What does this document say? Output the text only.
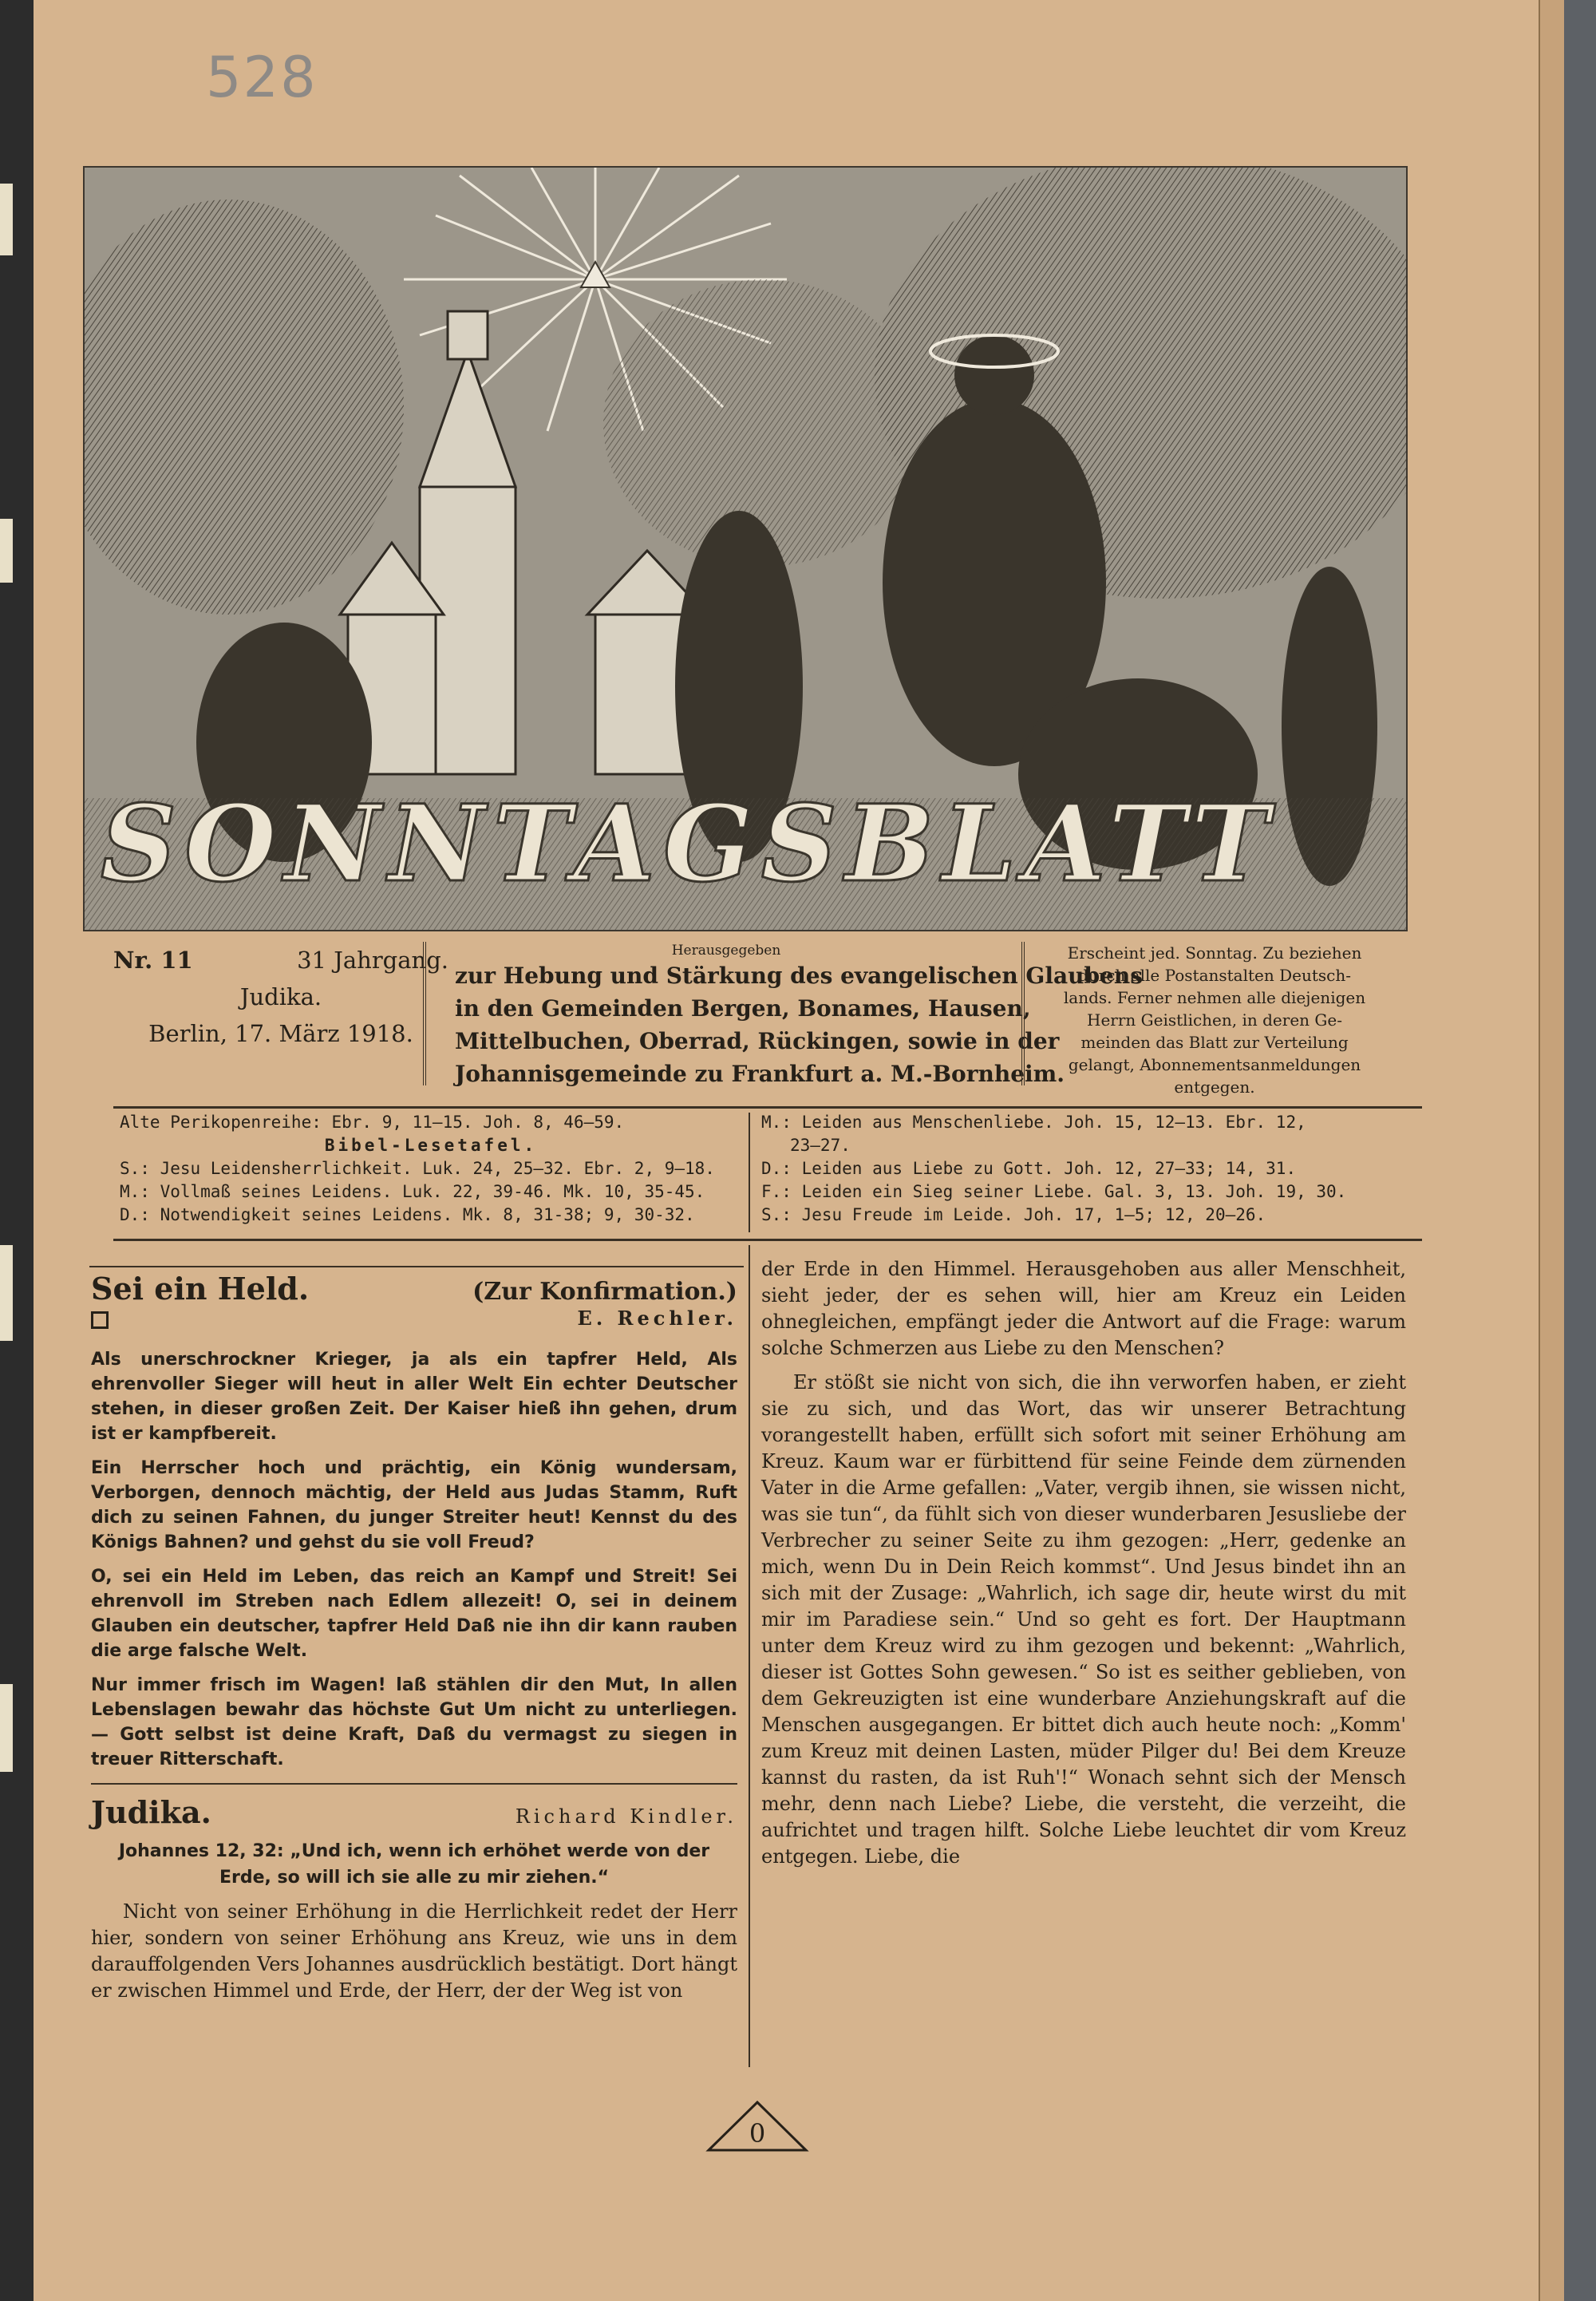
528
SONNTAGSBLATT
Nr. 11	31 Jahrgang.
Judika.
Berlin, 17. März 1918.
Herausgegeben
zur Hebung und Stärkung des evangelischen Glaubens
in den Gemeinden Bergen, Bonames, Hausen,
Mittelbuchen, Oberrad, Rückingen, sowie in der
Johannisgemeinde zu Frankfurt a. M.-Bornheim.
Erscheint jed. Sonntag. Zu beziehen
durch alle Postanstalten Deutsch-
lands. Ferner nehmen alle diejenigen
Herrn Geistlichen, in deren Ge-
meinden das Blatt zur Verteilung
gelangt, Abonnementsanmeldungen
entgegen.
Alte Perikopenreihe: Ebr. 9, 11—15. Joh. 8, 46—59.
Bibel-Lesetafel.
S.: Jesu Leidensherrlichkeit. Luk. 24, 25—32. Ebr. 2, 9—18.
M.: Vollmaß seines Leidens. Luk. 22, 39-46. Mk. 10, 35-45.
D.: Notwendigkeit seines Leidens. Mk. 8, 31-38; 9, 30-32.
M.: Leiden aus Menschenliebe. Joh. 15, 12—13. Ebr. 12,
23—27.
D.: Leiden aus Liebe zu Gott. Joh. 12, 27—33; 14, 31.
F.: Leiden ein Sieg seiner Liebe. Gal. 3, 13. Joh. 19, 30.
S.: Jesu Freude im Leide. Joh. 17, 1—5; 12, 20—26.
Sei ein Held.	(Zur Konfirmation.)
E. Rechler.

Als unerschrockner Krieger, ja als ein tapfrer Held, Als ehrenvoller Sieger will heut in aller Welt Ein echter Deutscher stehen, in dieser großen Zeit. Der Kaiser hieß ihn gehen, drum ist er kampfbereit.

Ein Herrscher hoch und prächtig, ein König wundersam, Verborgen, dennoch mächtig, der Held aus Judas Stamm, Ruft dich zu seinen Fahnen, du junger Streiter heut! Kennst du des Königs Bahnen? und gehst du sie voll Freud?

O, sei ein Held im Leben, das reich an Kampf und Streit! Sei ehrenvoll im Streben nach Edlem allezeit! O, sei in deinem Glauben ein deutscher, tapfrer Held Daß nie ihn dir kann rauben die arge falsche Welt.

Nur immer frisch im Wagen! laß stählen dir den Mut, In allen Lebenslagen bewahr das höchste Gut Um nicht zu unterliegen. — Gott selbst ist deine Kraft, Daß du vermagst zu siegen in treuer Ritterschaft.

Judika.	Richard Kindler.

Johannes 12, 32: „Und ich, wenn ich erhöhet werde von der Erde, so will ich sie alle zu mir ziehen.“

Nicht von seiner Erhöhung in die Herrlichkeit redet der Herr hier, sondern von seiner Erhöhung ans Kreuz, wie uns in dem darauffolgenden Vers Johannes ausdrücklich bestätigt. Dort hängt er zwischen Himmel und Erde, der Herr, der der Weg ist von

der Erde in den Himmel. Herausgehoben aus aller Menschheit, sieht jeder, der es sehen will, hier am Kreuz ein Leiden ohnegleichen, empfängt jeder die Antwort auf die Frage: warum solche Schmerzen aus Liebe zu den Menschen?

Er stößt sie nicht von sich, die ihn verworfen haben, er zieht sie zu sich, und das Wort, das wir unserer Betrachtung vorangestellt haben, erfüllt sich sofort mit seiner Erhöhung am Kreuz. Kaum war er fürbittend für seine Feinde dem zürnenden Vater in die Arme gefallen: „Vater, vergib ihnen, sie wissen nicht, was sie tun“, da fühlt sich von dieser wunderbaren Jesusliebe der Verbrecher zu seiner Seite zu ihm gezogen: „Herr, gedenke an mich, wenn Du in Dein Reich kommst“. Und Jesus bindet ihn an sich mit der Zusage: „Wahrlich, ich sage dir, heute wirst du mit mir im Paradiese sein.“ Und so geht es fort. Der Hauptmann unter dem Kreuz wird zu ihm gezogen und bekennt: „Wahrlich, dieser ist Gottes Sohn gewesen.“ So ist es seither geblieben, von dem Gekreuzigten ist eine wunderbare Anziehungskraft auf die Menschen ausgegangen. Er bittet dich auch heute noch: „Komm' zum Kreuz mit deinen Lasten, müder Pilger du! Bei dem Kreuze kannst du rasten, da ist Ruh'!“ Wonach sehnt sich der Mensch mehr, denn nach Liebe? Liebe, die versteht, die verzeiht, die aufrichtet und tragen hilft. Solche Liebe leuchtet dir vom Kreuz entgegen. Liebe, die

0
